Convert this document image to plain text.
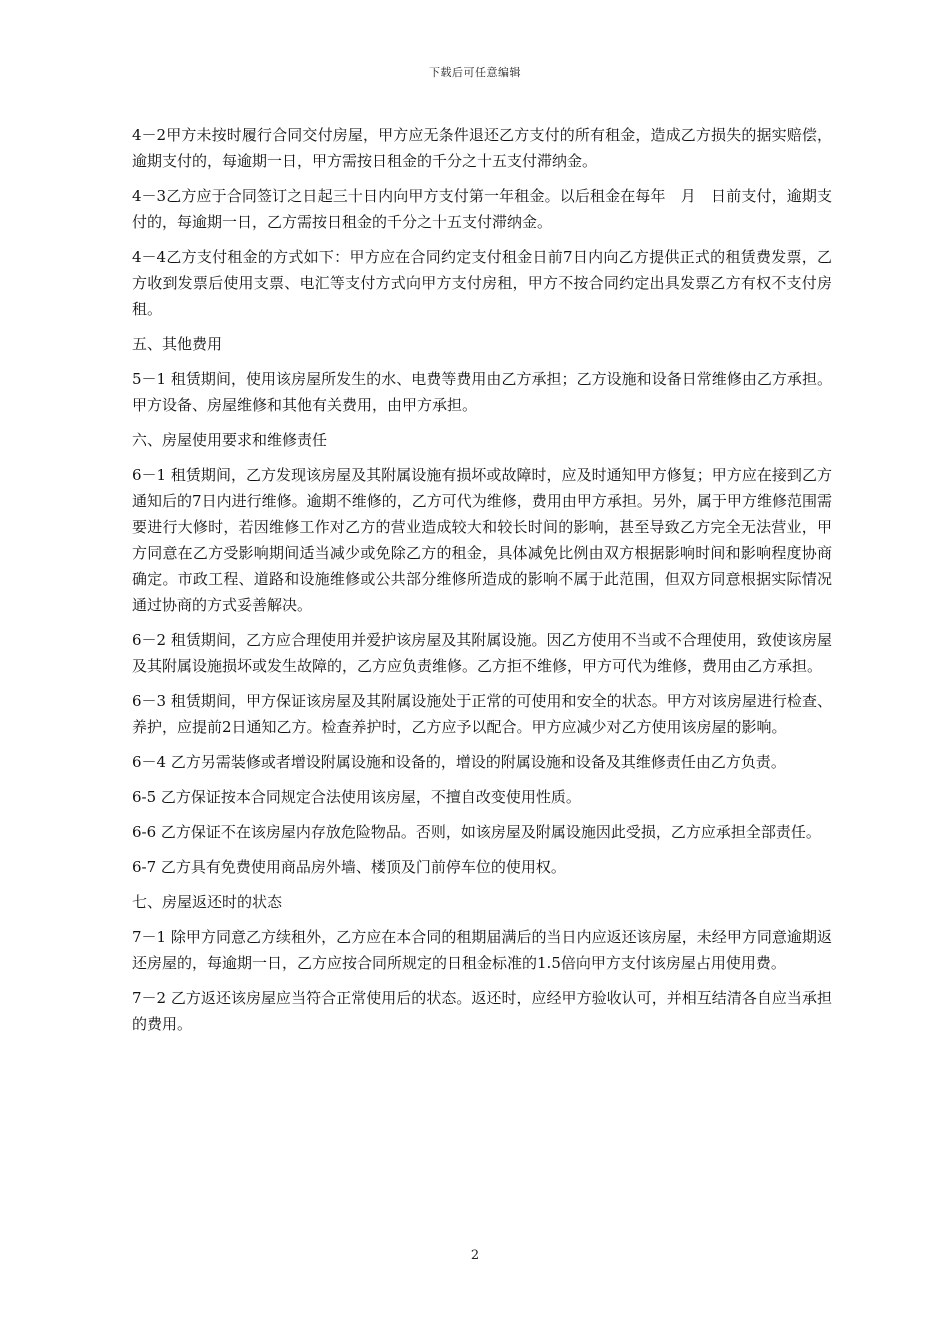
下载后可任意编辑

4－2甲方未按时履行合同交付房屋，甲方应无条件退还乙方支付的所有租金，造成乙方损失的据实赔偿，逾期支付的，每逾期一日，甲方需按日租金的千分之十五支付滞纳金。

4－3乙方应于合同签订之日起三十日内向甲方支付第一年租金。以后租金在每年　月　日前支付，逾期支付的，每逾期一日，乙方需按日租金的千分之十五支付滞纳金。

4－4乙方支付租金的方式如下：甲方应在合同约定支付租金日前7日内向乙方提供正式的租赁费发票，乙方收到发票后使用支票、电汇等支付方式向甲方支付房租，甲方不按合同约定出具发票乙方有权不支付房租。

五、其他费用

5－1 租赁期间，使用该房屋所发生的水、电费等费用由乙方承担；乙方设施和设备日常维修由乙方承担。甲方设备、房屋维修和其他有关费用，由甲方承担。

六、房屋使用要求和维修责任

6－1 租赁期间，乙方发现该房屋及其附属设施有损坏或故障时，应及时通知甲方修复；甲方应在接到乙方通知后的7日内进行维修。逾期不维修的，乙方可代为维修，费用由甲方承担。另外，属于甲方维修范围需要进行大修时，若因维修工作对乙方的营业造成较大和较长时间的影响，甚至导致乙方完全无法营业，甲方同意在乙方受影响期间适当减少或免除乙方的租金，具体减免比例由双方根据影响时间和影响程度协商确定。市政工程、道路和设施维修或公共部分维修所造成的影响不属于此范围，但双方同意根据实际情况通过协商的方式妥善解决。

6－2 租赁期间，乙方应合理使用并爱护该房屋及其附属设施。因乙方使用不当或不合理使用，致使该房屋及其附属设施损坏或发生故障的，乙方应负责维修。乙方拒不维修，甲方可代为维修，费用由乙方承担。

6－3 租赁期间，甲方保证该房屋及其附属设施处于正常的可使用和安全的状态。甲方对该房屋进行检查、养护，应提前2日通知乙方。检查养护时，乙方应予以配合。甲方应减少对乙方使用该房屋的影响。

6－4 乙方另需装修或者增设附属设施和设备的，增设的附属设施和设备及其维修责任由乙方负责。

6-5 乙方保证按本合同规定合法使用该房屋，不擅自改变使用性质。

6-6 乙方保证不在该房屋内存放危险物品。否则，如该房屋及附属设施因此受损，乙方应承担全部责任。

6-7 乙方具有免费使用商品房外墙、楼顶及门前停车位的使用权。

七、房屋返还时的状态

7－1 除甲方同意乙方续租外，乙方应在本合同的租期届满后的当日内应返还该房屋，未经甲方同意逾期返还房屋的，每逾期一日，乙方应按合同所规定的日租金标准的1.5倍向甲方支付该房屋占用使用费。

7－2 乙方返还该房屋应当符合正常使用后的状态。返还时，应经甲方验收认可，并相互结清各自应当承担的费用。

2
